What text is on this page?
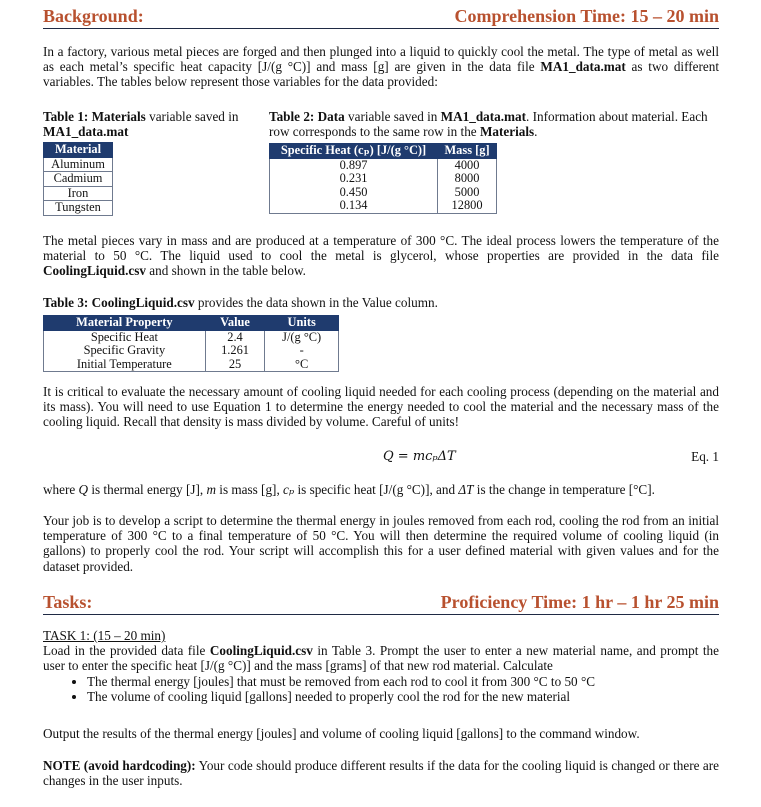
Background:	Comprehension Time: 15 – 20 min
In a factory, various metal pieces are forged and then plunged into a liquid to quickly cool the metal. The type of metal as well as each metal’s specific heat capacity [J/(g °C)] and mass [g] are given in the data file MA1_data.mat as two different variables. The tables below represent those variables for the data provided:
Table 1: Materials variable saved in MA1_data.mat
Material
Aluminum
Cadmium
Iron
Tungsten
Table 2: Data variable saved in MA1_data.mat. Information about material. Each row corresponds to the same row in the Materials.
Specific Heat (cₚ) [J/(g °C)]	Mass [g]
0.897	4000
0.231	8000
0.450	5000
0.134	12800
The metal pieces vary in mass and are produced at a temperature of 300 °C. The ideal process lowers the temperature of the material to 50 °C. The liquid used to cool the metal is glycerol, whose properties are provided in the data file CoolingLiquid.csv and shown in the table below.
Table 3: CoolingLiquid.csv provides the data shown in the Value column.
Material Property	Value	Units
Specific Heat	2.4	J/(g °C)
Specific Gravity	1.261	-
Initial Temperature	25	°C
It is critical to evaluate the necessary amount of cooling liquid needed for each cooling process (depending on the material and its mass). You will need to use Equation 1 to determine the energy needed to cool the material and the necessary mass of the cooling liquid. Recall that density is mass divided by volume. Careful of units!
Q = mcₚΔT	Eq. 1
where Q is thermal energy [J], m is mass [g], cₚ is specific heat [J/(g °C)], and ΔT is the change in temperature [°C].
Your job is to develop a script to determine the thermal energy in joules removed from each rod, cooling the rod from an initial temperature of 300 °C to a final temperature of 50 °C. You will then determine the required volume of cooling liquid (in gallons) to properly cool the rod. Your script will accomplish this for a user defined material with given values and for the dataset provided.
Tasks:	Proficiency Time: 1 hr – 1 hr 25 min
TASK 1: (15 – 20 min)
Load in the provided data file CoolingLiquid.csv in Table 3. Prompt the user to enter a new material name, and prompt the user to enter the specific heat [J/(g °C)] and the mass [grams] of that new rod material. Calculate
• The thermal energy [joules] that must be removed from each rod to cool it from 300 °C to 50 °C
• The volume of cooling liquid [gallons] needed to properly cool the rod for the new material
Output the results of the thermal energy [joules] and volume of cooling liquid [gallons] to the command window.
NOTE (avoid hardcoding): Your code should produce different results if the data for the cooling liquid is changed or there are changes in the user inputs.
